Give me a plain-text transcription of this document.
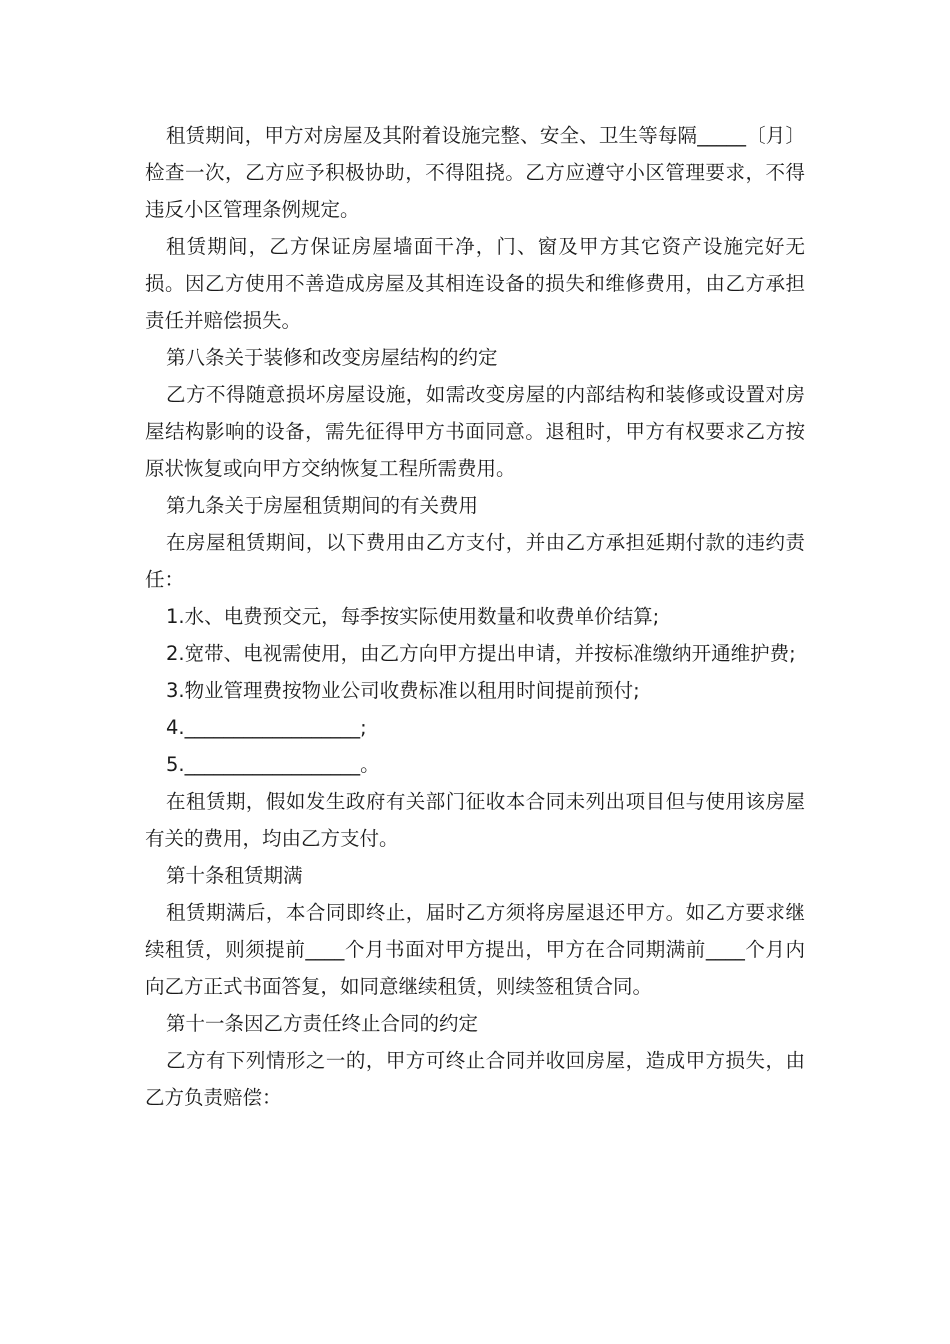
租赁期间，甲方对房屋及其附着设施完整、安全、卫生等每隔_____〔月〕检查一次，乙方应予积极协助，不得阻挠。乙方应遵守小区管理要求，不得违反小区管理条例规定。

租赁期间，乙方保证房屋墙面干净，门、窗及甲方其它资产设施完好无损。因乙方使用不善造成房屋及其相连设备的损失和维修费用，由乙方承担责任并赔偿损失。

第八条关于装修和改变房屋结构的约定

乙方不得随意损坏房屋设施，如需改变房屋的内部结构和装修或设置对房屋结构影响的设备，需先征得甲方书面同意。退租时，甲方有权要求乙方按原状恢复或向甲方交纳恢复工程所需费用。

第九条关于房屋租赁期间的有关费用

在房屋租赁期间，以下费用由乙方支付，并由乙方承担延期付款的违约责任：

1.水、电费预交元，每季按实际使用数量和收费单价结算;

2.宽带、电视需使用，由乙方向甲方提出申请，并按标准缴纳开通维护费;

3.物业管理费按物业公司收费标准以租用时间提前预付;

4.__________________;

5.__________________。

在租赁期，假如发生政府有关部门征收本合同未列出项目但与使用该房屋有关的费用，均由乙方支付。

第十条租赁期满

租赁期满后，本合同即终止，届时乙方须将房屋退还甲方。如乙方要求继续租赁，则须提前____个月书面对甲方提出，甲方在合同期满前____个月内向乙方正式书面答复，如同意继续租赁，则续签租赁合同。

第十一条因乙方责任终止合同的约定

乙方有下列情形之一的，甲方可终止合同并收回房屋，造成甲方损失，由乙方负责赔偿：
